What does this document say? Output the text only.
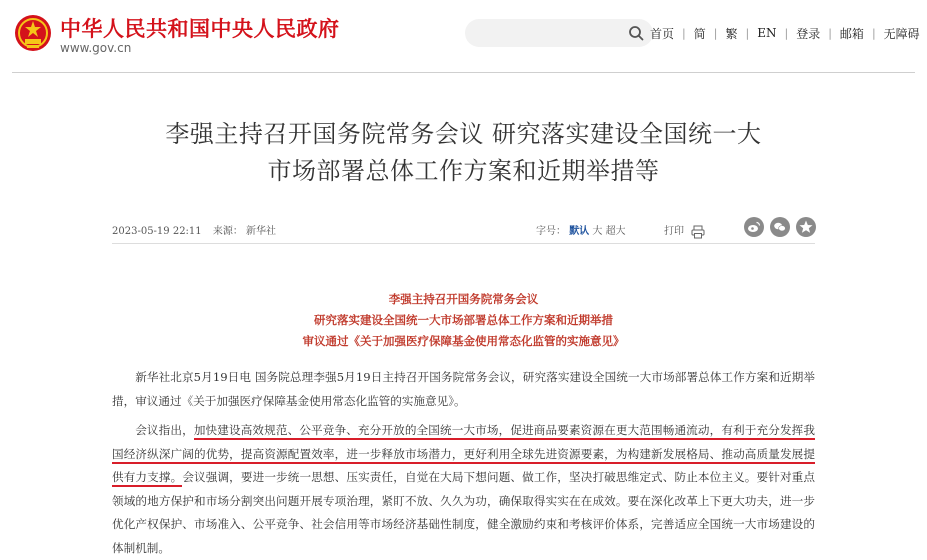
中华人民共和国中央人民政府
www.gov.cn
首页 | 简 | 繁 | EN | 登录 | 邮箱 | 无障碍
李强主持召开国务院常务会议 研究落实建设全国统一大
市场部署总体工作方案和近期举措等
2023-05-19 22:11 来源： 新华社	字号： 默认 大 超大	打印
李强主持召开国务院常务会议
研究落实建设全国统一大市场部署总体工作方案和近期举措
审议通过《关于加强医疗保障基金使用常态化监管的实施意见》

新华社北京5月19日电 国务院总理李强5月19日主持召开国务院常务会议，研究落实建设全国统一大市场部署总体工作方案和近期举措，审议通过《关于加强医疗保障基金使用常态化监管的实施意见》。

会议指出，加快建设高效规范、公平竞争、充分开放的全国统一大市场，促进商品要素资源在更大范围畅通流动，有利于充分发挥我国经济纵深广阔的优势，提高资源配置效率，进一步释放市场潜力，更好利用全球先进资源要素，为构建新发展格局、推动高质量发展提供有力支撑。会议强调，要进一步统一思想、压实责任，自觉在大局下想问题、做工作，坚决打破思维定式、防止本位主义。要针对重点领域的地方保护和市场分割突出问题开展专项治理，紧盯不放、久久为功，确保取得实实在在成效。要在深化改革上下更大功夫，进一步优化产权保护、市场准入、公平竞争、社会信用等市场经济基础性制度，健全激励约束和考核评价体系，完善适应全国统一大市场建设的体制机制。
